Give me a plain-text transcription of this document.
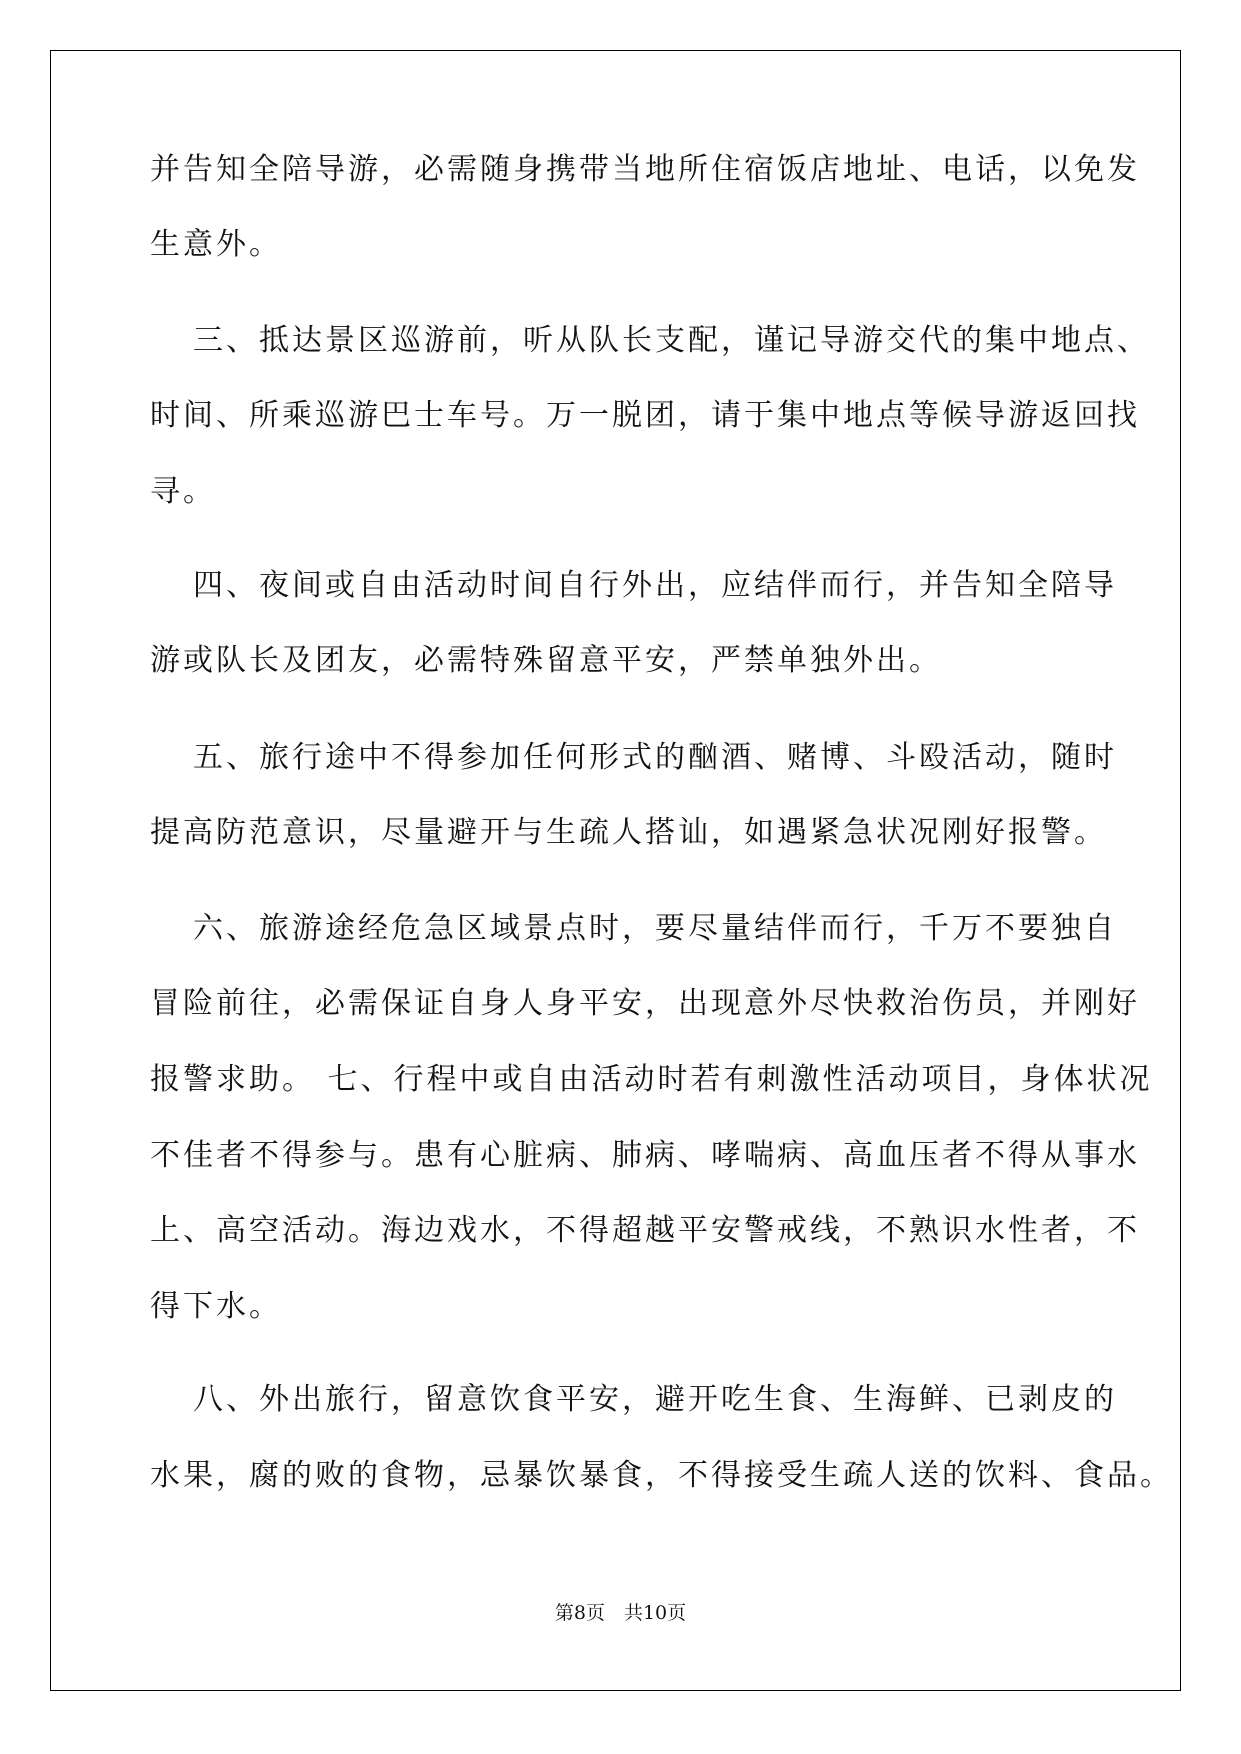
并告知全陪导游，必需随身携带当地所住宿饭店地址、电话，以免发
生意外。
三、抵达景区巡游前，听从队长支配，谨记导游交代的集中地点、
时间、所乘巡游巴士车号。万一脱团，请于集中地点等候导游返回找
寻。
四、夜间或自由活动时间自行外出，应结伴而行，并告知全陪导
游或队长及团友，必需特殊留意平安，严禁单独外出。
五、旅行途中不得参加任何形式的酗酒、赌博、斗殴活动，随时
提高防范意识，尽量避开与生疏人搭讪，如遇紧急状况刚好报警。
六、旅游途经危急区域景点时，要尽量结伴而行，千万不要独自
冒险前往，必需保证自身人身平安，出现意外尽快救治伤员，并刚好
报警求助。 七、行程中或自由活动时若有刺激性活动项目，身体状况
不佳者不得参与。患有心脏病、肺病、哮喘病、高血压者不得从事水
上、高空活动。海边戏水，不得超越平安警戒线，不熟识水性者，不
得下水。
八、外出旅行，留意饮食平安，避开吃生食、生海鲜、已剥皮的
水果，腐的败的食物，忌暴饮暴食，不得接受生疏人送的饮料、食品。
第8页　共10页
